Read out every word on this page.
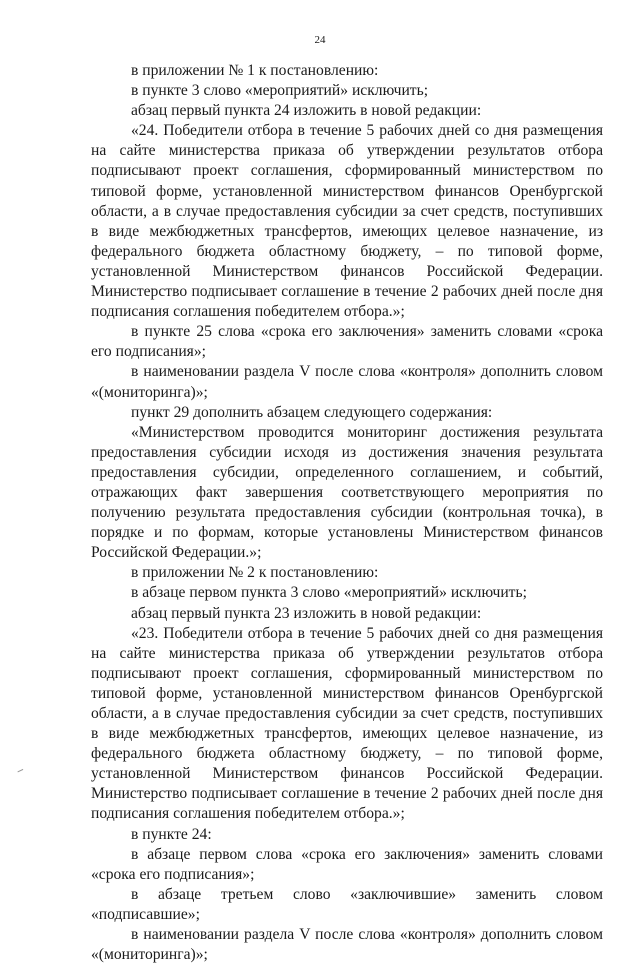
24

в приложении № 1 к постановлению:

в пункте 3 слово «мероприятий» исключить;

абзац первый пункта 24 изложить в новой редакции:

«24. Победители отбора в течение 5 рабочих дней со дня размещения на сайте министерства приказа об утверждении результатов отбора подписывают проект соглашения, сформированный министерством по типовой форме, установленной министерством финансов Оренбургской области, а в случае предоставления субсидии за счет средств, поступивших в виде межбюджетных трансфертов, имеющих целевое назначение, из федерального бюджета областному бюджету, – по типовой форме, установленной Министерством финансов Российской Федерации. Министерство подписывает соглашение в течение 2 рабочих дней после дня подписания соглашения победителем отбора.»;

в пункте 25 слова «срока его заключения» заменить словами «срока его подписания»;

в наименовании раздела V после слова «контроля» дополнить словом «(мониторинга)»;

пункт 29 дополнить абзацем следующего содержания:

«Министерством проводится мониторинг достижения результата предоставления субсидии исходя из достижения значения результата предоставления субсидии, определенного соглашением, и событий, отражающих факт завершения соответствующего мероприятия по получению результата предоставления субсидии (контрольная точка), в порядке и по формам, которые установлены Министерством финансов Российской Федерации.»;

в приложении № 2 к постановлению:

в абзаце первом пункта 3 слово «мероприятий» исключить;

абзац первый пункта 23 изложить в новой редакции:

«23. Победители отбора в течение 5 рабочих дней со дня размещения на сайте министерства приказа об утверждении результатов отбора подписывают проект соглашения, сформированный министерством по типовой форме, установленной министерством финансов Оренбургской области, а в случае предоставления субсидии за счет средств, поступивших в виде межбюджетных трансфертов, имеющих целевое назначение, из федерального бюджета областному бюджету, – по типовой форме, установленной Министерством финансов Российской Федерации. Министерство подписывает соглашение в течение 2 рабочих дней после дня подписания соглашения победителем отбора.»;

в пункте 24:

в абзаце первом слова «срока его заключения» заменить словами «срока его подписания»;

в абзаце третьем слово «заключившие» заменить словом «подписавшие»;

в наименовании раздела V после слова «контроля» дополнить словом «(мониторинга)»;
